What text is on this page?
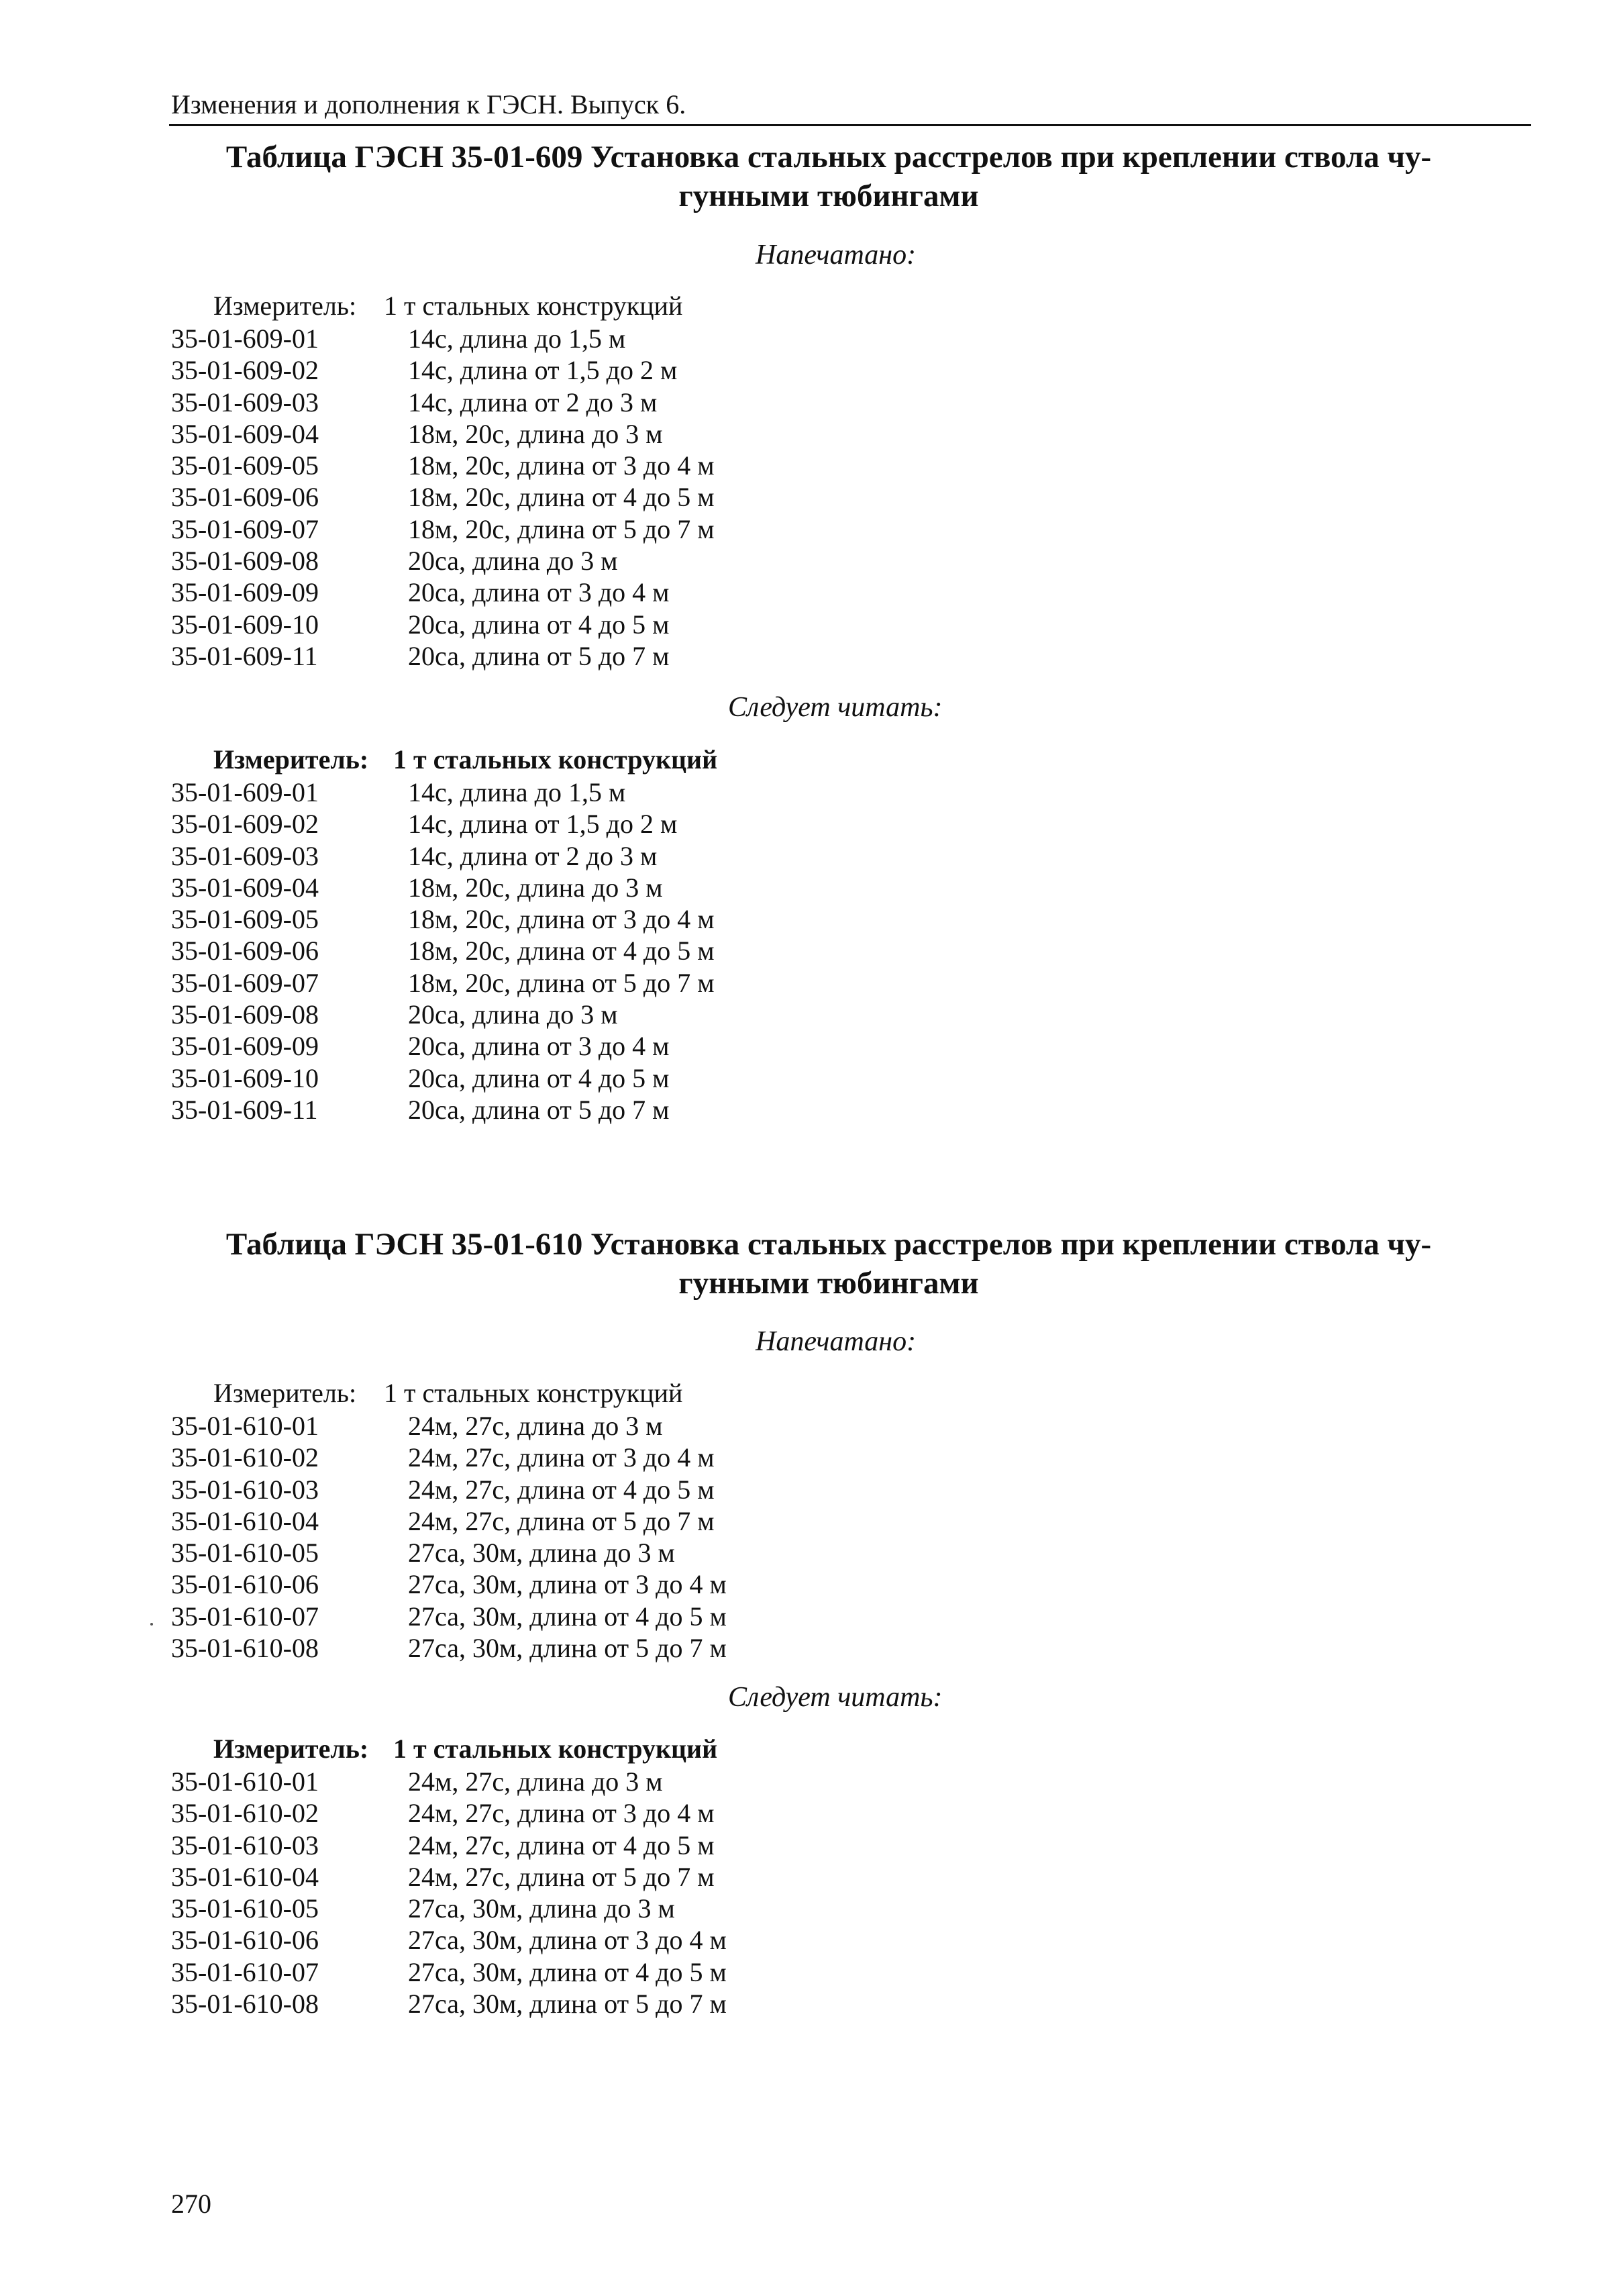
Изменения и дополнения к ГЭСН. Выпуск 6.
Таблица ГЭСН 35-01-609 Установка стальных расстрелов при креплении ствола чу- гунными тюбингами
Напечатано:
Измеритель: 1 т стальных конструкций
35-01-609-01	14с, длина до 1,5 м
35-01-609-02	14с, длина от 1,5 до 2 м
35-01-609-03	14с, длина от 2 до 3 м
35-01-609-04	18м, 20с, длина до 3 м
35-01-609-05	18м, 20с, длина от 3 до 4 м
35-01-609-06	18м, 20с, длина от 4 до 5 м
35-01-609-07	18м, 20с, длина от 5 до 7 м
35-01-609-08	20са, длина до 3 м
35-01-609-09	20са, длина от 3 до 4 м
35-01-609-10	20са, длина от 4 до 5 м
35-01-609-11	20са, длина от 5 до 7 м
Следует читать:
Измеритель: 1 т стальных конструкций
35-01-609-01	14с, длина до 1,5 м
35-01-609-02	14с, длина от 1,5 до 2 м
35-01-609-03	14с, длина от 2 до 3 м
35-01-609-04	18м, 20с, длина до 3 м
35-01-609-05	18м, 20с, длина от 3 до 4 м
35-01-609-06	18м, 20с, длина от 4 до 5 м
35-01-609-07	18м, 20с, длина от 5 до 7 м
35-01-609-08	20са, длина до 3 м
35-01-609-09	20са, длина от 3 до 4 м
35-01-609-10	20са, длина от 4 до 5 м
35-01-609-11	20са, длина от 5 до 7 м
Таблица ГЭСН 35-01-610 Установка стальных расстрелов при креплении ствола чу- гунными тюбингами
Напечатано:
Измеритель: 1 т стальных конструкций
35-01-610-01	24м, 27с, длина до 3 м
35-01-610-02	24м, 27с, длина от 3 до 4 м
35-01-610-03	24м, 27с, длина от 4 до 5 м
35-01-610-04	24м, 27с, длина от 5 до 7 м
35-01-610-05	27са, 30м, длина до 3 м
35-01-610-06	27са, 30м, длина от 3 до 4 м
35-01-610-07	27са, 30м, длина от 4 до 5 м
35-01-610-08	27са, 30м, длина от 5 до 7 м
Следует читать:
Измеритель: 1 т стальных конструкций
35-01-610-01	24м, 27с, длина до 3 м
35-01-610-02	24м, 27с, длина от 3 до 4 м
35-01-610-03	24м, 27с, длина от 4 до 5 м
35-01-610-04	24м, 27с, длина от 5 до 7 м
35-01-610-05	27са, 30м, длина до 3 м
35-01-610-06	27са, 30м, длина от 3 до 4 м
35-01-610-07	27са, 30м, длина от 4 до 5 м
35-01-610-08	27са, 30м, длина от 5 до 7 м
270
